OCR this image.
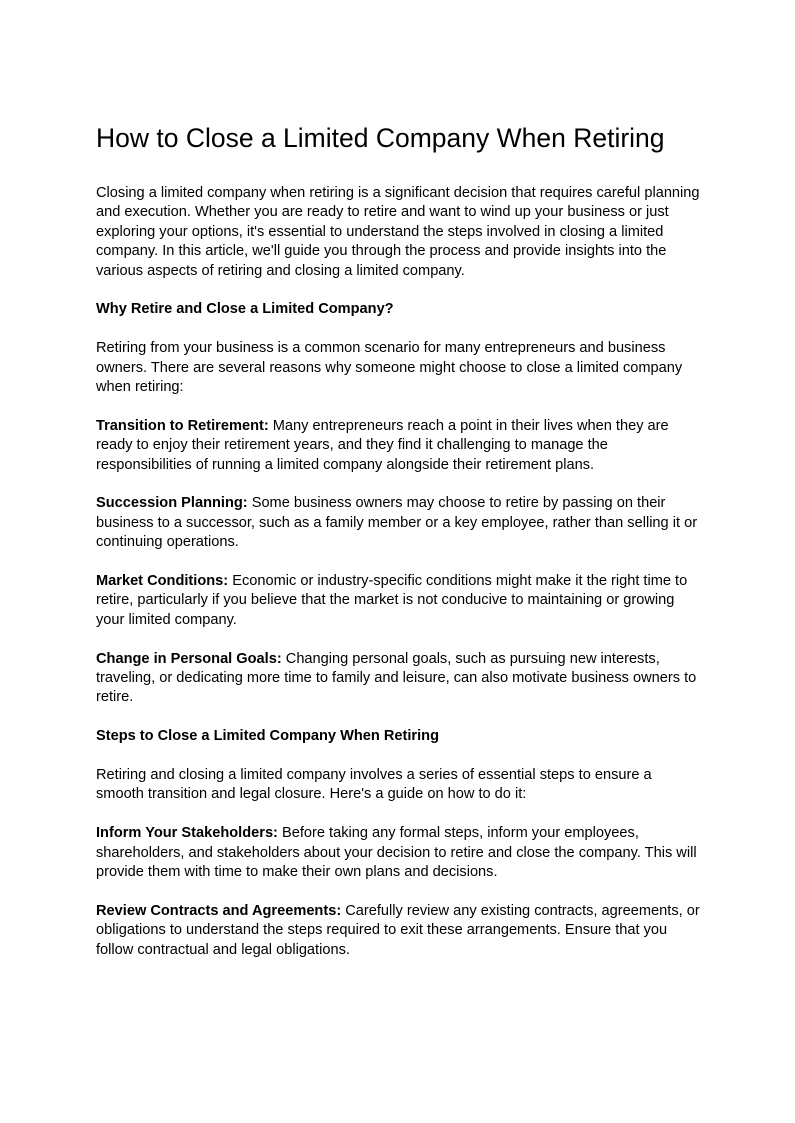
How to Close a Limited Company When Retiring

Closing a limited company when retiring is a significant decision that requires careful planning and execution. Whether you are ready to retire and want to wind up your business or just exploring your options, it's essential to understand the steps involved in closing a limited company. In this article, we'll guide you through the process and provide insights into the various aspects of retiring and closing a limited company.

Why Retire and Close a Limited Company?

Retiring from your business is a common scenario for many entrepreneurs and business owners. There are several reasons why someone might choose to close a limited company when retiring:

Transition to Retirement: Many entrepreneurs reach a point in their lives when they are ready to enjoy their retirement years, and they find it challenging to manage the responsibilities of running a limited company alongside their retirement plans.

Succession Planning: Some business owners may choose to retire by passing on their business to a successor, such as a family member or a key employee, rather than selling it or continuing operations.

Market Conditions: Economic or industry-specific conditions might make it the right time to retire, particularly if you believe that the market is not conducive to maintaining or growing your limited company.

Change in Personal Goals: Changing personal goals, such as pursuing new interests, traveling, or dedicating more time to family and leisure, can also motivate business owners to retire.

Steps to Close a Limited Company When Retiring

Retiring and closing a limited company involves a series of essential steps to ensure a smooth transition and legal closure. Here's a guide on how to do it:

Inform Your Stakeholders: Before taking any formal steps, inform your employees, shareholders, and stakeholders about your decision to retire and close the company. This will provide them with time to make their own plans and decisions.

Review Contracts and Agreements: Carefully review any existing contracts, agreements, or obligations to understand the steps required to exit these arrangements. Ensure that you follow contractual and legal obligations.
